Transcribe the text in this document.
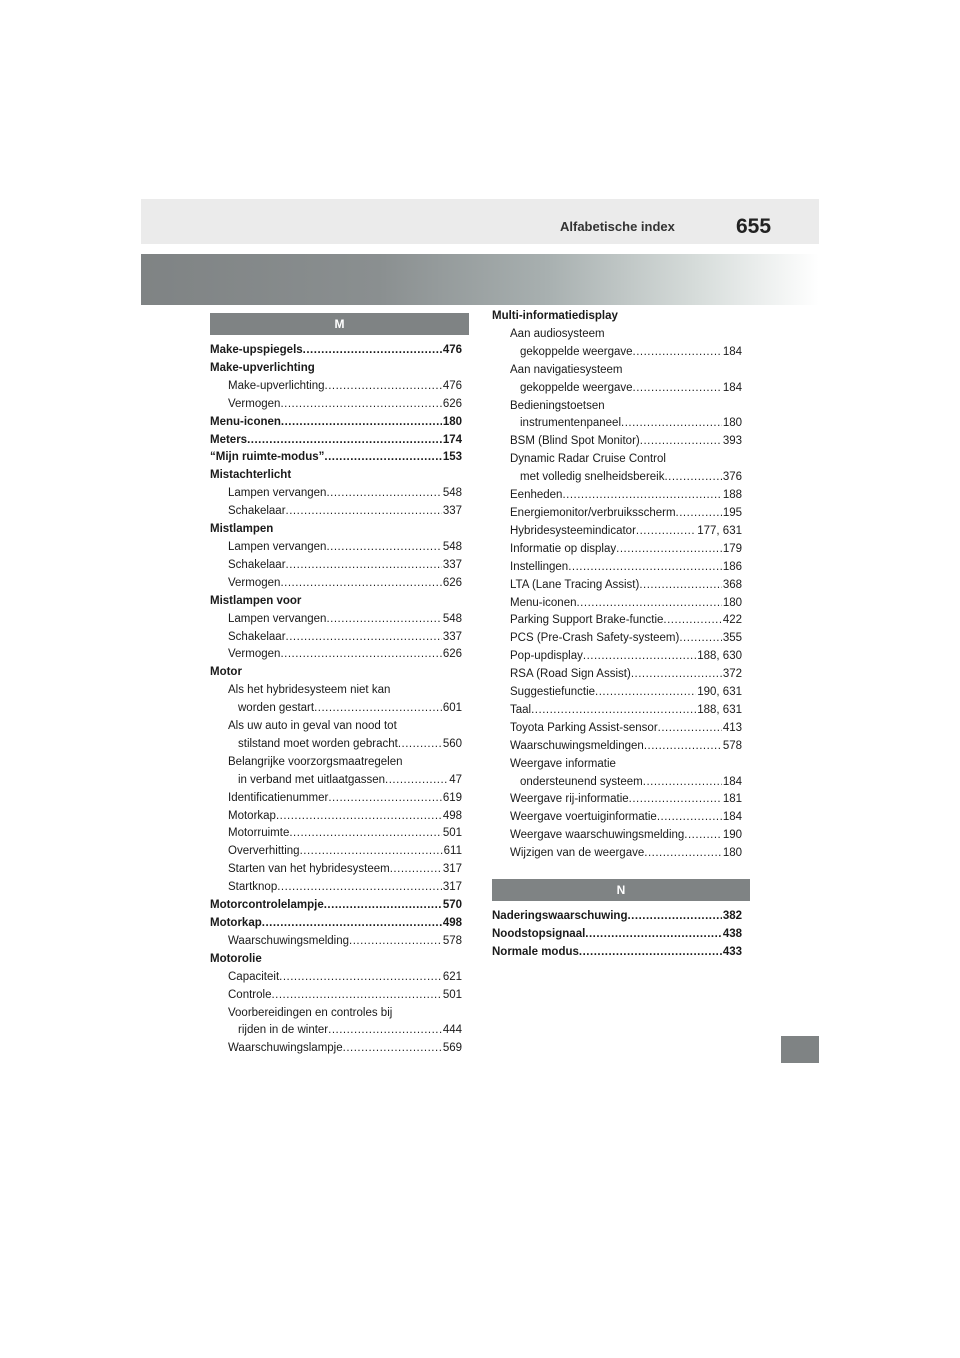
Alfabetische index	655
M
Make-upspiegels .....	476
Make-upverlichting
Make-upverlichting .....	476
Vermogen .....	626
Menu-iconen .....	180
Meters .....	174
“Mijn ruimte-modus” .....	153
Mistachterlicht
Lampen vervangen .....	548
Schakelaar .....	337
Mistlampen
Lampen vervangen .....	548
Schakelaar .....	337
Vermogen .....	626
Mistlampen voor
Lampen vervangen .....	548
Schakelaar .....	337
Vermogen .....	626
Motor
Als het hybridesysteem niet kan
worden gestart .....	601
Als uw auto in geval van nood tot
stilstand moet worden gebracht .....	560
Belangrijke voorzorgsmaatregelen
in verband met uitlaatgassen .....	47
Identificatienummer .....	619
Motorkap .....	498
Motorruimte .....	501
Oververhitting .....	611
Starten van het hybridesysteem .....	317
Startknop .....	317
Motorcontrolelampje .....	570
Motorkap .....	498
Waarschuwingsmelding .....	578
Motorolie
Capaciteit .....	621
Controle .....	501
Voorbereidingen en controles bij
rijden in de winter .....	444
Waarschuwingslampje .....	569
Multi-informatiedisplay
Aan audiosysteem
gekoppelde weergave .....	184
Aan navigatiesysteem
gekoppelde weergave .....	184
Bedieningstoetsen
instrumentenpaneel .....	180
BSM (Blind Spot Monitor) .....	393
Dynamic Radar Cruise Control
met volledig snelheidsbereik .....	376
Eenheden .....	188
Energiemonitor/verbruiksscherm .....	195
Hybridesysteemindicator .....	177, 631
Informatie op display .....	179
Instellingen .....	186
LTA (Lane Tracing Assist) .....	368
Menu-iconen .....	180
Parking Support Brake-functie .....	422
PCS (Pre-Crash Safety-systeem) .....	355
Pop-updisplay .....	188, 630
RSA (Road Sign Assist) .....	372
Suggestiefunctie .....	190, 631
Taal .....	188, 631
Toyota Parking Assist-sensor .....	413
Waarschuwingsmeldingen .....	578
Weergave informatie
ondersteunend systeem .....	184
Weergave rij-informatie .....	181
Weergave voertuiginformatie .....	184
Weergave waarschuwingsmelding .....	190
Wijzigen van de weergave .....	180
N
Naderingswaarschuwing .....	382
Noodstopsignaal .....	438
Normale modus .....	433
